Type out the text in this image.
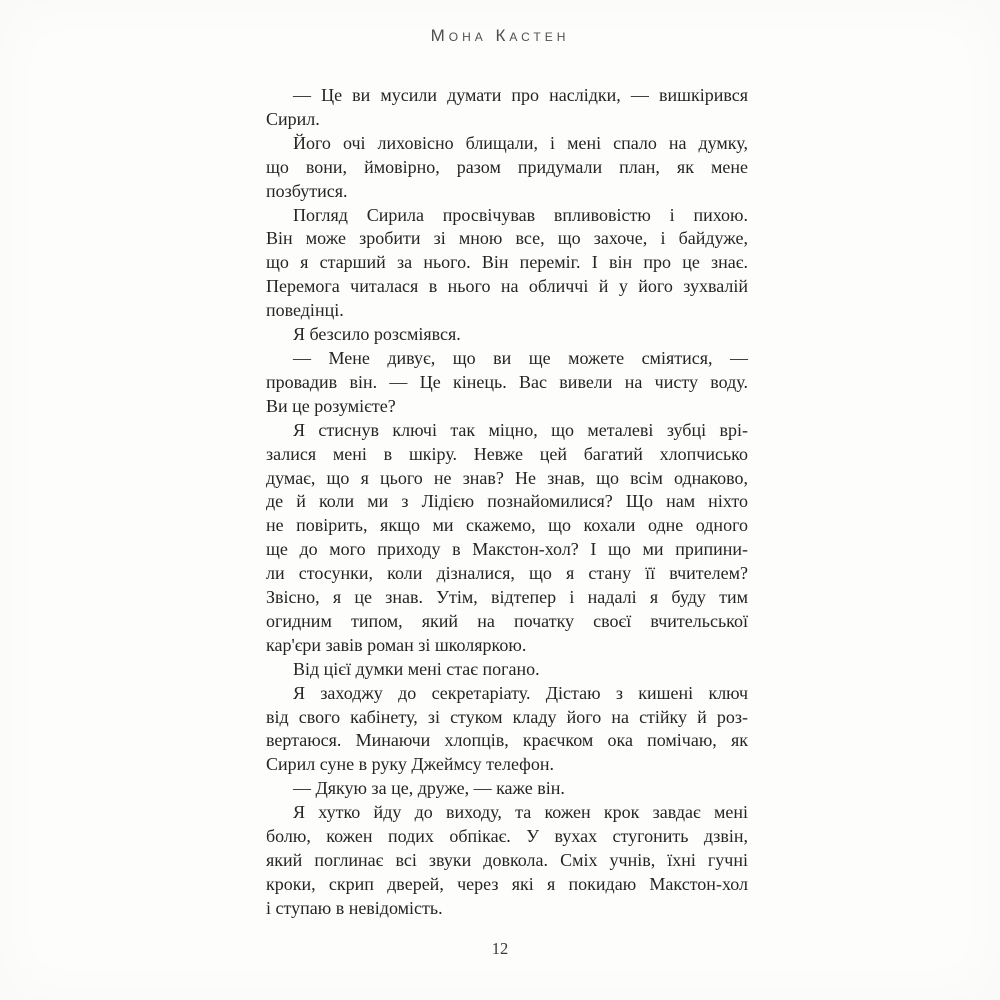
Мона Кастен
— Це ви мусили думати про наслідки, — вишкірився
Сирил.
Його очі лиховісно блищали, і мені спало на думку,
що вони, ймовірно, разом придумали план, як мене
позбутися.
Погляд Сирила просвічував впливовістю і пихою.
Він може зробити зі мною все, що захоче, і байдуже,
що я старший за нього. Він переміг. І він про це знає.
Перемога читалася в нього на обличчі й у його зухвалій
поведінці.
Я безсило розсміявся.
— Мене дивує, що ви ще можете сміятися, —
провадив він. — Це кінець. Вас вивели на чисту воду.
Ви це розумієте?
Я стиснув ключі так міцно, що металеві зубці врі-
залися мені в шкіру. Невже цей багатий хлопчисько
думає, що я цього не знав? Не знав, що всім однаково,
де й коли ми з Лідією познайомилися? Що нам ніхто
не повірить, якщо ми скажемо, що кохали одне одного
ще до мого приходу в Макстон-хол? І що ми припини-
ли стосунки, коли дізналися, що я стану її вчителем?
Звісно, я це знав. Утім, відтепер і надалі я буду тим
огидним типом, який на початку своєї вчительської
кар'єри завів роман зі школяркою.
Від цієї думки мені стає погано.
Я заходжу до секретаріату. Дістаю з кишені ключ
від свого кабінету, зі стуком кладу його на стійку й роз-
вертаюся. Минаючи хлопців, краєчком ока помічаю, як
Сирил суне в руку Джеймсу телефон.
— Дякую за це, друже, — каже він.
Я хутко йду до виходу, та кожен крок завдає мені
болю, кожен подих обпікає. У вухах стугонить дзвін,
який поглинає всі звуки довкола. Сміх учнів, їхні гучні
кроки, скрип дверей, через які я покидаю Макстон-хол
і ступаю в невідомість.
12
